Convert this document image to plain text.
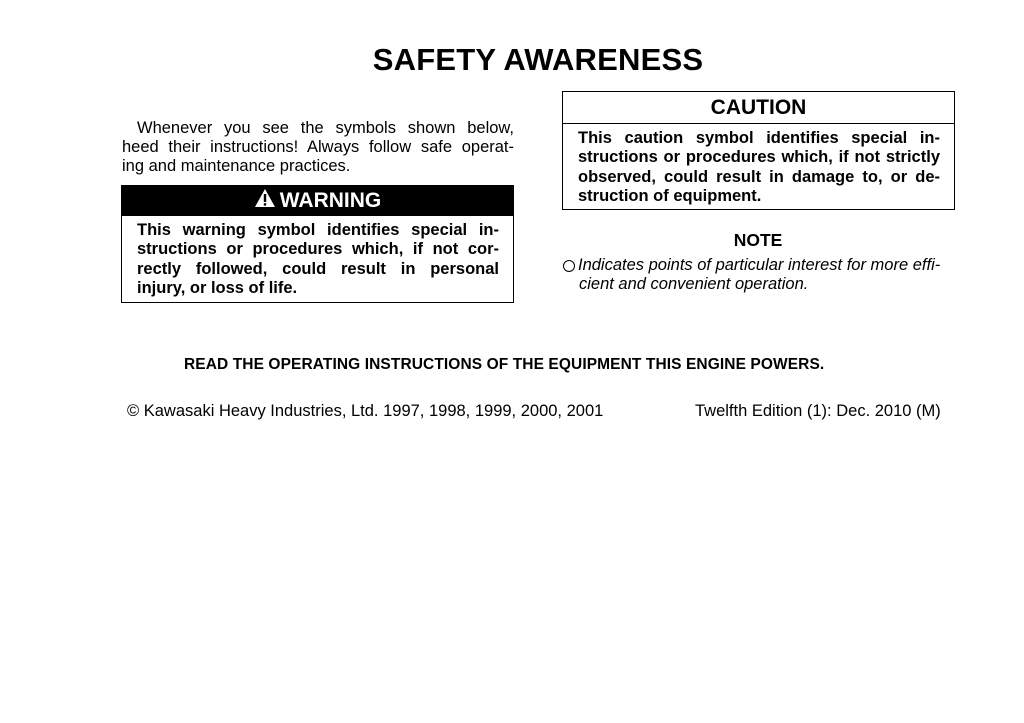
SAFETY AWARENESS
Whenever you see the symbols shown below,
heed their instructions! Always follow safe operat-
ing and maintenance practices.
WARNING
This warning symbol identifies special in-
structions or procedures which, if not cor-
rectly followed, could result in personal
injury, or loss of life.
CAUTION
This caution symbol identifies special in-
structions or procedures which, if not strictly
observed, could result in damage to, or de-
struction of equipment.
NOTE
Indicates points of particular interest for more effi-
cient and convenient operation.
READ THE OPERATING INSTRUCTIONS OF THE EQUIPMENT THIS ENGINE POWERS.
© Kawasaki Heavy Industries, Ltd. 1997, 1998, 1999, 2000, 2001	Twelfth Edition (1): Dec. 2010 (M)
